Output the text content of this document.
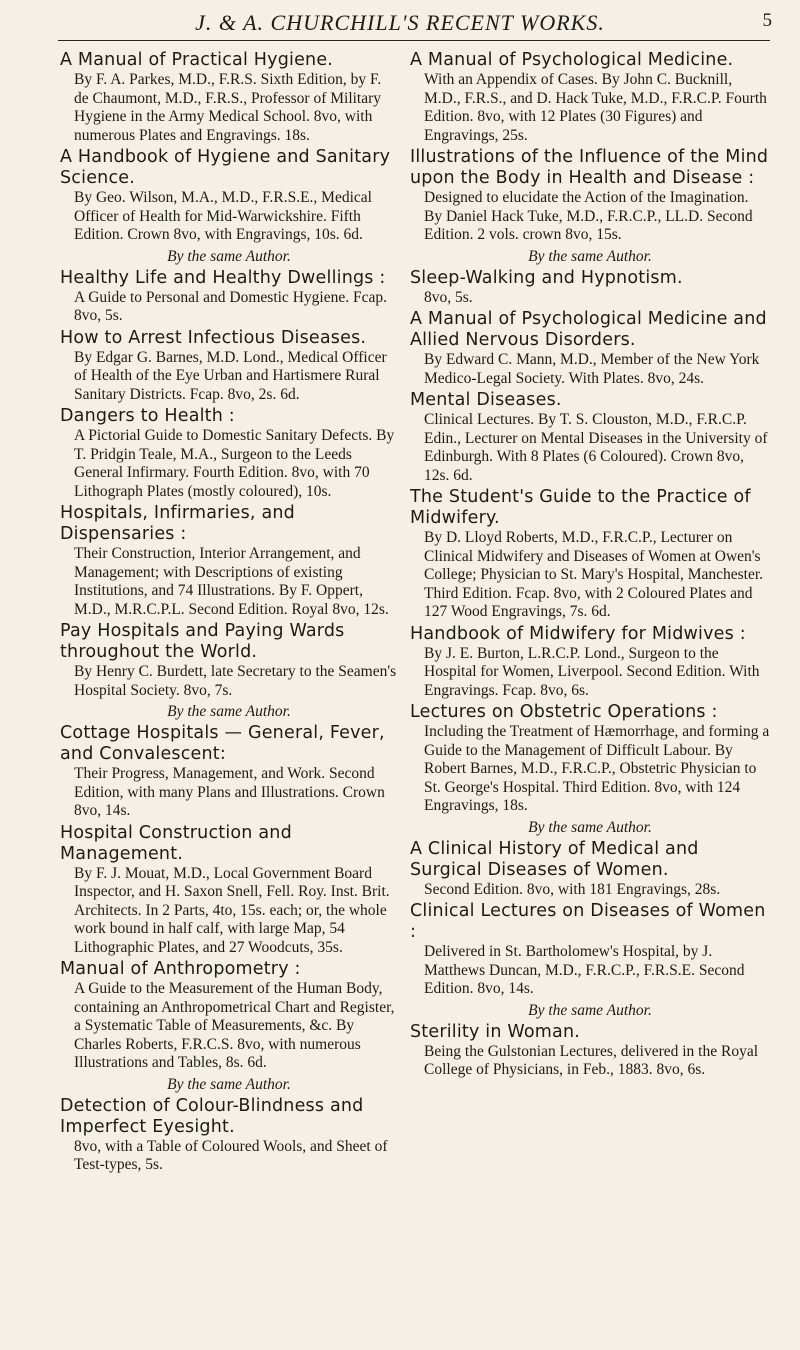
J. & A. CHURCHILL'S RECENT WORKS.	5
A Manual of Practical Hygiene.
By F. A. Parkes, M.D., F.R.S. Sixth Edition, by F. de Chaumont, M.D., F.R.S., Professor of Military Hygiene in the Army Medical School. 8vo, with numerous Plates and Engravings. 18s.
A Handbook of Hygiene and Sanitary Science.
By Geo. Wilson, M.A., M.D., F.R.S.E., Medical Officer of Health for Mid-Warwickshire. Fifth Edition. Crown 8vo, with Engravings, 10s. 6d.
By the same Author.
Healthy Life and Healthy Dwellings :
A Guide to Personal and Domestic Hygiene. Fcap. 8vo, 5s.
How to Arrest Infectious Diseases.
By Edgar G. Barnes, M.D. Lond., Medical Officer of Health of the Eye Urban and Hartismere Rural Sanitary Districts. Fcap. 8vo, 2s. 6d.
Dangers to Health :
A Pictorial Guide to Domestic Sanitary Defects. By T. Pridgin Teale, M.A., Surgeon to the Leeds General Infirmary. Fourth Edition. 8vo, with 70 Lithograph Plates (mostly coloured), 10s.
Hospitals, Infirmaries, and Dispensaries :
Their Construction, Interior Arrangement, and Management; with Descriptions of existing Institutions, and 74 Illustrations. By F. Oppert, M.D., M.R.C.P.L. Second Edition. Royal 8vo, 12s.
Pay Hospitals and Paying Wards throughout the World.
By Henry C. Burdett, late Secretary to the Seamen's Hospital Society. 8vo, 7s.
By the same Author.
Cottage Hospitals — General, Fever, and Convalescent:
Their Progress, Management, and Work. Second Edition, with many Plans and Illustrations. Crown 8vo, 14s.
Hospital Construction and Management.
By F. J. Mouat, M.D., Local Government Board Inspector, and H. Saxon Snell, Fell. Roy. Inst. Brit. Architects. In 2 Parts, 4to, 15s. each; or, the whole work bound in half calf, with large Map, 54 Lithographic Plates, and 27 Woodcuts, 35s.
Manual of Anthropometry :
A Guide to the Measurement of the Human Body, containing an Anthropometrical Chart and Register, a Systematic Table of Measurements, &c. By Charles Roberts, F.R.C.S. 8vo, with numerous Illustrations and Tables, 8s. 6d.
By the same Author.
Detection of Colour-Blindness and Imperfect Eyesight.
8vo, with a Table of Coloured Wools, and Sheet of Test-types, 5s.
A Manual of Psychological Medicine.
With an Appendix of Cases. By John C. Bucknill, M.D., F.R.S., and D. Hack Tuke, M.D., F.R.C.P. Fourth Edition. 8vo, with 12 Plates (30 Figures) and Engravings, 25s.
Illustrations of the Influence of the Mind upon the Body in Health and Disease :
Designed to elucidate the Action of the Imagination. By Daniel Hack Tuke, M.D., F.R.C.P., LL.D. Second Edition. 2 vols. crown 8vo, 15s.
By the same Author.
Sleep-Walking and Hypnotism.
8vo, 5s.
A Manual of Psychological Medicine and Allied Nervous Disorders.
By Edward C. Mann, M.D., Member of the New York Medico-Legal Society. With Plates. 8vo, 24s.
Mental Diseases.
Clinical Lectures. By T. S. Clouston, M.D., F.R.C.P. Edin., Lecturer on Mental Diseases in the University of Edinburgh. With 8 Plates (6 Coloured). Crown 8vo, 12s. 6d.
The Student's Guide to the Practice of Midwifery.
By D. Lloyd Roberts, M.D., F.R.C.P., Lecturer on Clinical Midwifery and Diseases of Women at Owen's College; Physician to St. Mary's Hospital, Manchester. Third Edition. Fcap. 8vo, with 2 Coloured Plates and 127 Wood Engravings, 7s. 6d.
Handbook of Midwifery for Midwives :
By J. E. Burton, L.R.C.P. Lond., Surgeon to the Hospital for Women, Liverpool. Second Edition. With Engravings. Fcap. 8vo, 6s.
Lectures on Obstetric Operations :
Including the Treatment of Hæmorrhage, and forming a Guide to the Management of Difficult Labour. By Robert Barnes, M.D., F.R.C.P., Obstetric Physician to St. George's Hospital. Third Edition. 8vo, with 124 Engravings, 18s.
By the same Author.
A Clinical History of Medical and Surgical Diseases of Women.
Second Edition. 8vo, with 181 Engravings, 28s.
Clinical Lectures on Diseases of Women :
Delivered in St. Bartholomew's Hospital, by J. Matthews Duncan, M.D., F.R.C.P., F.R.S.E. Second Edition. 8vo, 14s.
By the same Author.
Sterility in Woman.
Being the Gulstonian Lectures, delivered in the Royal College of Physicians, in Feb., 1883. 8vo, 6s.
